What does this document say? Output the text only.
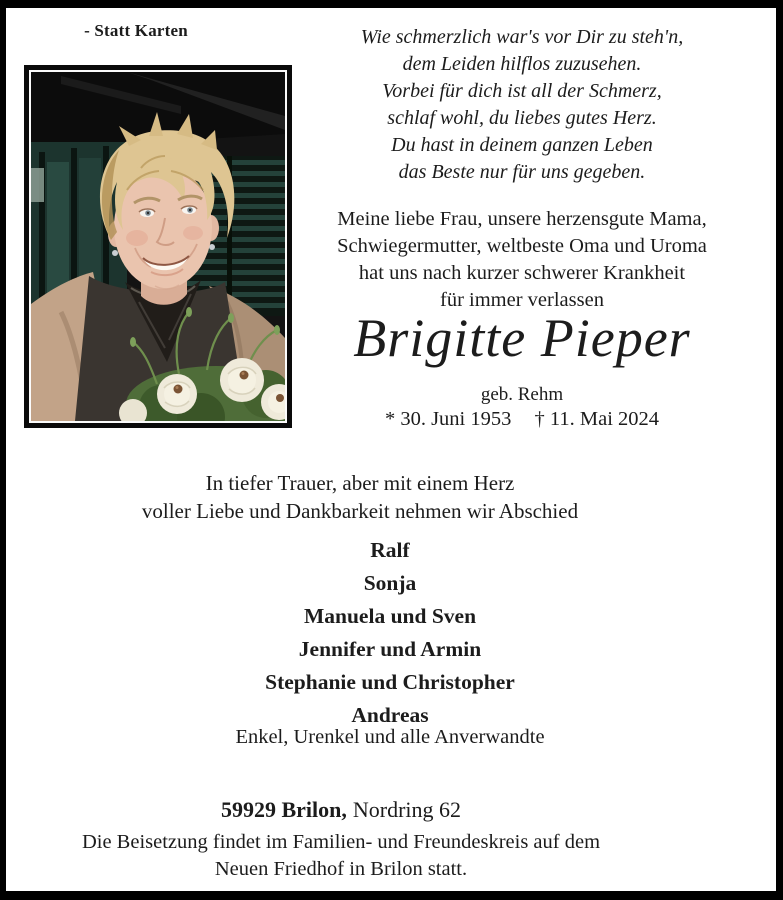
- Statt Karten	Wie schmerzlich war's vor Dir zu steh'n,
dem Leiden hilflos zuzusehen.
Vorbei für dich ist all der Schmerz,
schlaf wohl, du liebes gutes Herz.
Du hast in deinem ganzen Leben
das Beste nur für uns gegeben.
Meine liebe Frau, unsere herzensgute Mama,
Schwiegermutter, weltbeste Oma und Uroma
hat uns nach kurzer schwerer Krankheit
für immer verlassen
Brigitte Pieper
geb. Rehm
* 30. Juni 1953 † 11. Mai 2024
In tiefer Trauer, aber mit einem Herz
voller Liebe und Dankbarkeit nehmen wir Abschied
Ralf
Sonja
Manuela und Sven
Jennifer und Armin
Stephanie und Christopher
Andreas
Enkel, Urenkel und alle Anverwandte
59929 Brilon, Nordring 62
Die Beisetzung findet im Familien- und Freundeskreis auf dem
Neuen Friedhof in Brilon statt.
